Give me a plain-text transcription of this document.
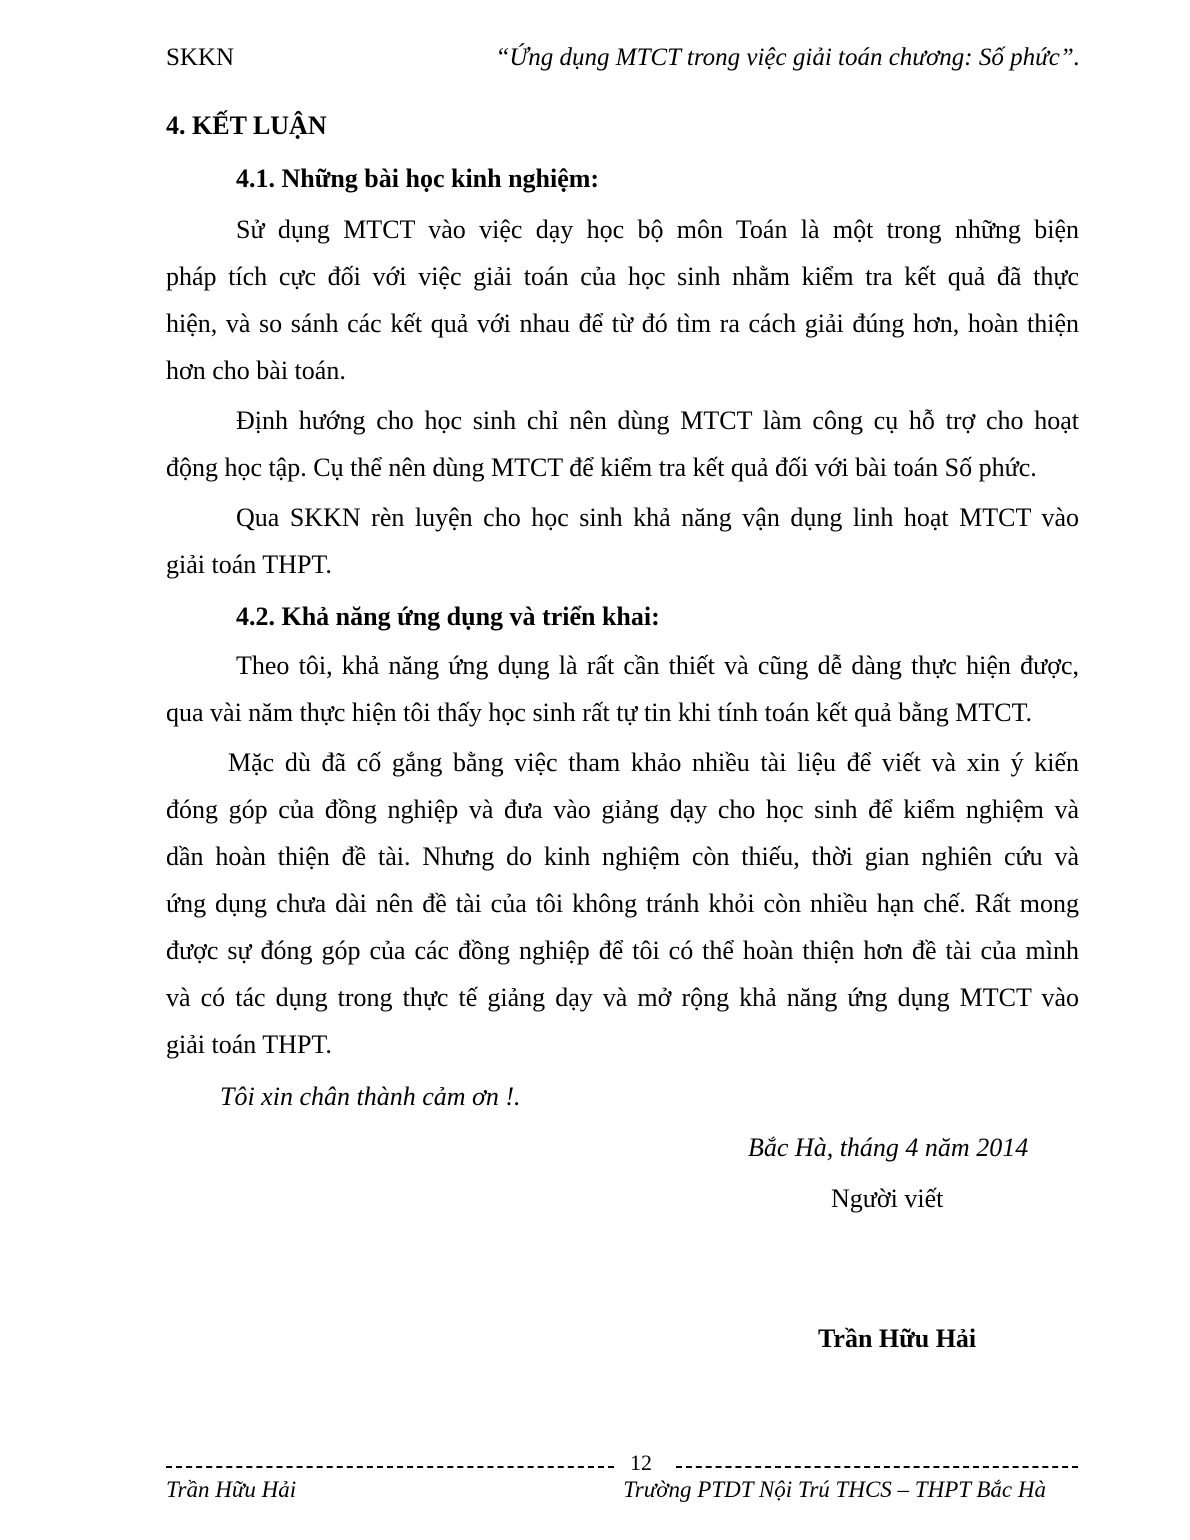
SKKN	“Ứng dụng MTCT trong việc giải toán chương: Số phức”.
4. KẾT LUẬN
4.1. Những bài học kinh nghiệm:
Sử dụng MTCT vào việc dạy học bộ môn Toán là một trong những biện
pháp tích cực đối với việc giải toán của học sinh nhằm kiểm tra kết quả đã thực
hiện, và so sánh các kết quả với nhau để từ đó tìm ra cách giải đúng hơn, hoàn thiện
hơn cho bài toán.
Định hướng cho học sinh chỉ nên dùng MTCT làm công cụ hỗ trợ cho hoạt
động học tập. Cụ thể nên dùng MTCT để kiểm tra kết quả đối với bài toán Số phức.
Qua SKKN rèn luyện cho học sinh khả năng vận dụng linh hoạt MTCT vào
giải toán THPT.
4.2. Khả năng ứng dụng và triển khai:
Theo tôi, khả năng ứng dụng là rất cần thiết và cũng dễ dàng thực hiện được,
qua vài năm thực hiện tôi thấy học sinh rất tự tin khi tính toán kết quả bằng MTCT.
Mặc dù đã cố gắng bằng việc tham khảo nhiều tài liệu để viết và xin ý kiến
đóng góp của đồng nghiệp và đưa vào giảng dạy cho học sinh để kiểm nghiệm và
dần hoàn thiện đề tài. Nhưng do kinh nghiệm còn thiếu, thời gian nghiên cứu và
ứng dụng chưa dài nên đề tài của tôi không tránh khỏi còn nhiều hạn chế. Rất mong
được sự đóng góp của các đồng nghiệp để tôi có thể hoàn thiện hơn đề tài của mình
và có tác dụng trong thực tế giảng dạy và mở rộng khả năng ứng dụng MTCT vào
giải toán THPT.
Tôi xin chân thành cảm ơn !.
Bắc Hà, tháng 4 năm 2014
Người viết
Trần Hữu Hải
12
Trần Hữu Hải	Trường PTDT Nội Trú THCS – THPT Bắc Hà
